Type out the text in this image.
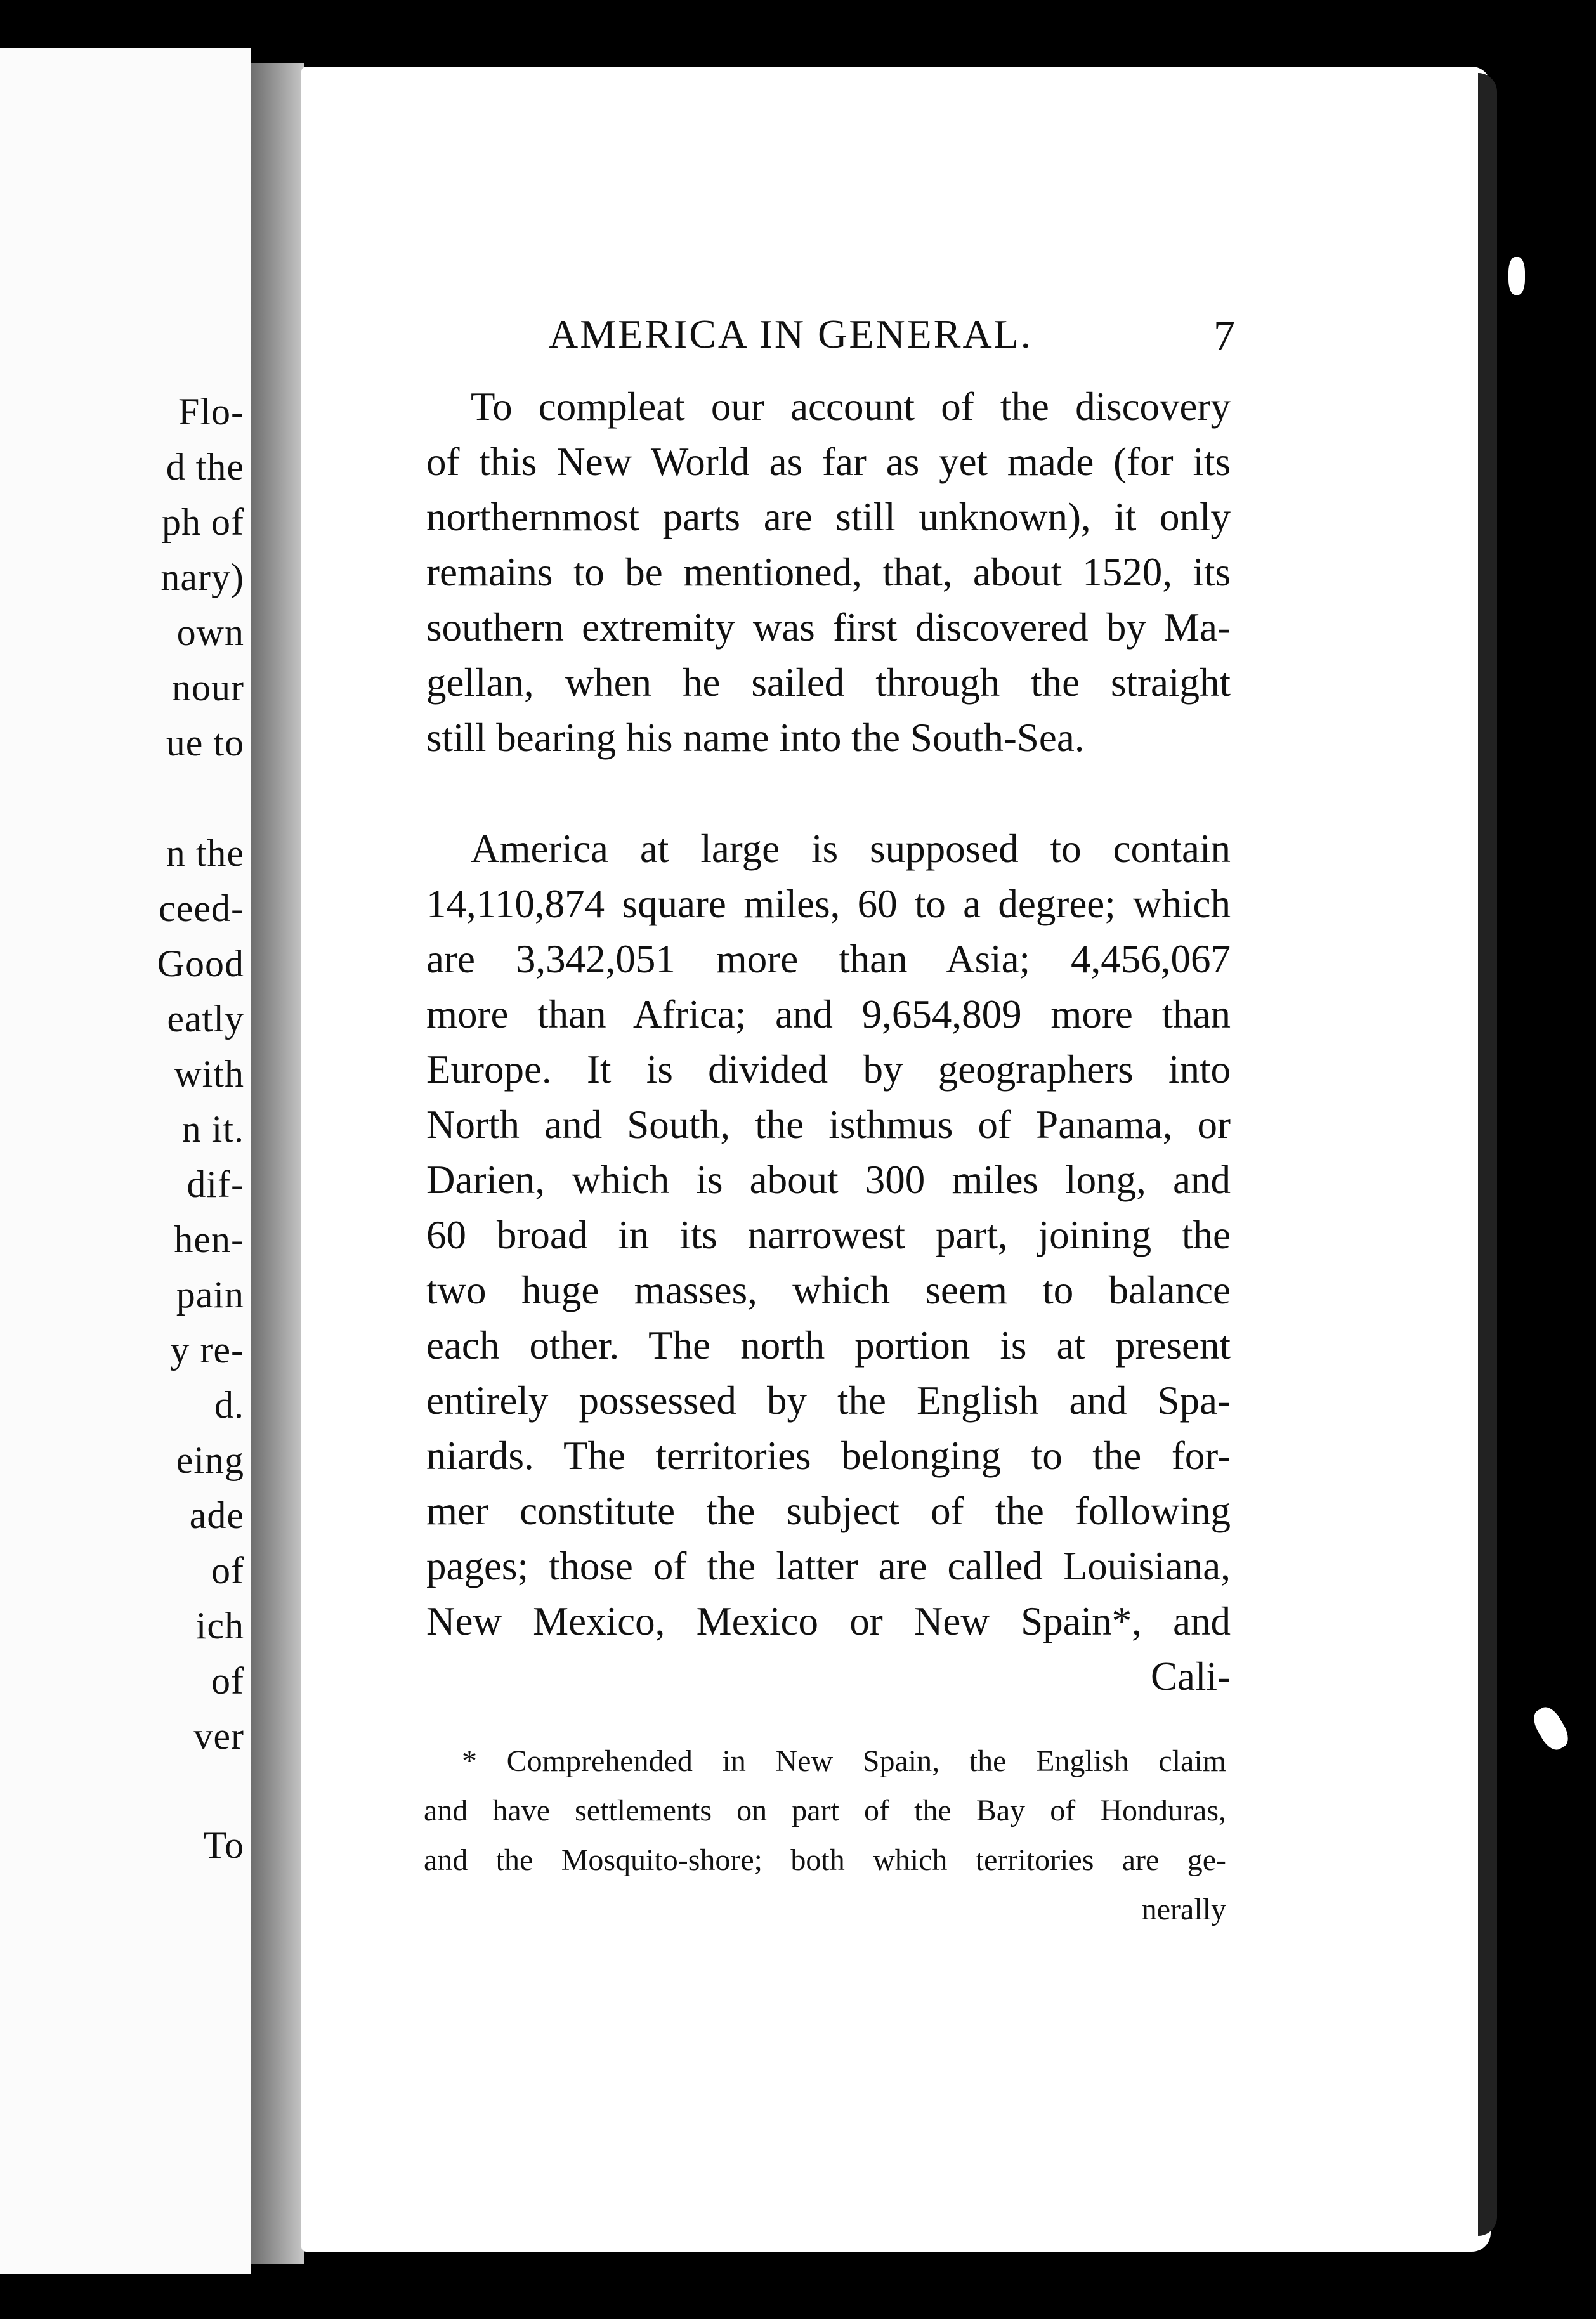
Flo-
d the
ph of
nary)
own
nour
ue to
n the
ceed-
Good
eatly
with
n it.
dif-
hen-
pain
y re-
d.
eing
ade
of
ich
of
ver
To
AMERICA IN GENERAL.	7
To compleat our account of the discovery
of this New World as far as yet made (for its
northernmost parts are still unknown), it only
remains to be mentioned, that, about 1520, its
southern extremity was first discovered by Ma-
gellan, when he sailed through the straight
still bearing his name into the South-Sea.
America at large is supposed to contain
14,110,874 square miles, 60 to a degree; which
are 3,342,051 more than Asia; 4,456,067
more than Africa; and 9,654,809 more than
Europe. It is divided by geographers into
North and South, the isthmus of Panama, or
Darien, which is about 300 miles long, and
60 broad in its narrowest part, joining the
two huge masses, which seem to balance
each other. The north portion is at present
entirely possessed by the English and Spa-
niards. The territories belonging to the for-
mer constitute the subject of the following
pages; those of the latter are called Louisiana,
New Mexico, Mexico or New Spain*, and
Cali-
* Comprehended in New Spain, the English claim
and have settlements on part of the Bay of Honduras,
and the Mosquito-shore; both which territories are ge-
nerally
